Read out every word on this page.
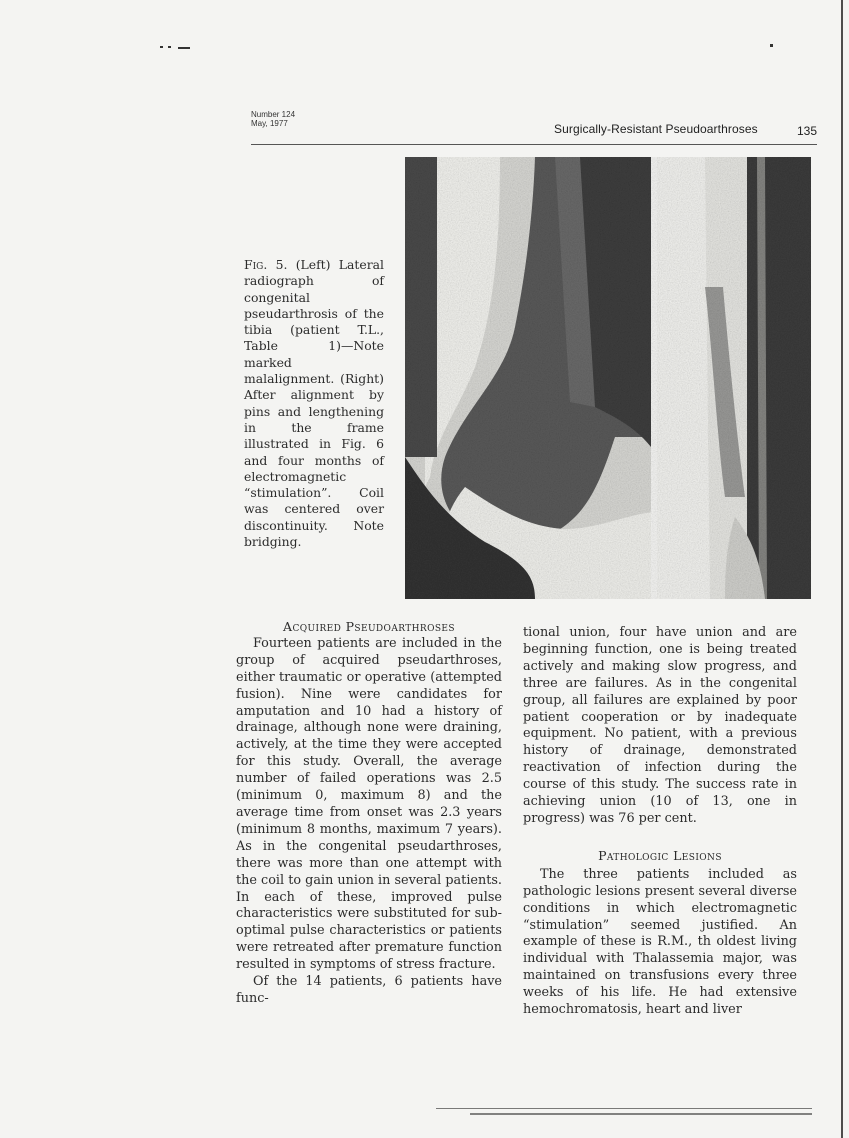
Number 124
May, 1977	Surgically-Resistant Pseudoarthroses	135
Fig. 5. (Left) Lateral radiograph of congenital pseudarthrosis of the tibia (patient T.L., Table 1)—Note marked malalignment. (Right) After alignment by pins and lengthening in the frame illustrated in Fig. 6 and four months of electromagnetic “stimulation”. Coil was centered over discontinuity. Note bridging.
Acquired Pseudoarthroses

Fourteen patients are included in the group of acquired pseudarthroses, either traumatic or operative (attempted fusion). Nine were candidates for amputation and 10 had a history of drainage, although none were draining, actively, at the time they were accepted for this study. Overall, the average number of failed operations was 2.5 (minimum 0, maximum 8) and the average time from onset was 2.3 years (minimum 8 months, maximum 7 years). As in the congenital pseudarthroses, there was more than one attempt with the coil to gain union in several patients. In each of these, improved pulse characteristics were substituted for sub-optimal pulse characteristics or patients were retreated after premature function resulted in symptoms of stress fracture.

Of the 14 patients, 6 patients have func-

tional union, four have union and are beginning function, one is being treated actively and making slow progress, and three are failures. As in the congenital group, all failures are explained by poor patient cooperation or by inadequate equipment. No patient, with a previous history of drainage, demonstrated reactivation of infection during the course of this study. The success rate in achieving union (10 of 13, one in progress) was 76 per cent.

Pathologic Lesions

The three patients included as pathologic lesions present several diverse conditions in which electromagnetic “stimulation” seemed justified. An example of these is R.M., th oldest living individual with Thalassemia major, was maintained on transfusions every three weeks of his life. He had extensive hemochromatosis, heart and liver
